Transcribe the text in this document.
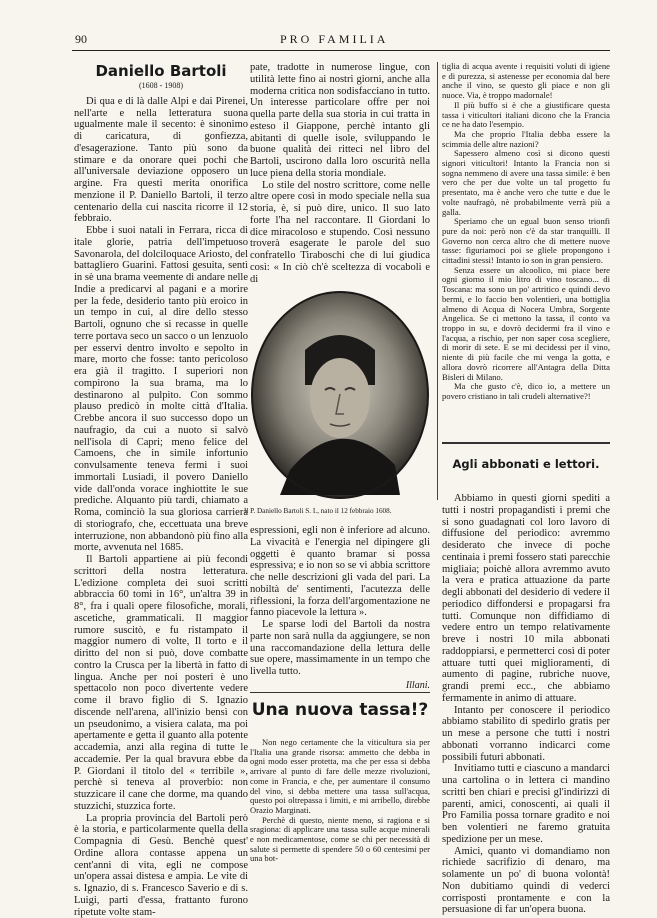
90	PRO FAMILIA
Daniello Bartoli
(1608 - 1908)

Di qua e di là dalle Alpi e dai Pirenei, nell'arte e nella letteratura suona ugualmente male il secento: è sinonimo di caricatura, di gonfiezza, d'esagerazione. Tanto più sono da stimare e da onorare quei pochi che all'universale deviazione opposero un argine. Fra questi merita onorifica menzione il P. Daniello Bartoli, il terzo centenario della cui nascita ricorre il 12 febbraio.

Ebbe i suoi natali in Ferrara, ricca di itale glorie, patria dell'impetuoso Savonarola, del dolciloquace Ariosto, del battagliero Guarini. Fattosi gesuita, sentì in sè una brama veemente di andare nelle Indie a predicarvi al pagani e a morire per la fede, desiderio tanto più eroico in un tempo in cui, al dire dello stesso Bartoli, ognuno che si recasse in quelle terre portava seco un sacco o un lenzuolo per esservi dentro involto e sepolto in mare, morto che fosse: tanto pericoloso era già il tragitto. I superiori non compirono la sua brama, ma lo destinarono al pulpito. Con sommo plauso predicò in molte città d'Italia. Crebbe ancora il suo successo dopo un naufragio, da cui a nuoto si salvò nell'isola di Capri; meno felice del Camoens, che in simile infortunio convulsamente teneva fermi i suoi immortali Lusiadi, il povero Daniello vide dall'onda vorace inghiottite le sue prediche. Alquanto più tardi, chiamato a Roma, cominciò la sua gloriosa carriera di storiografo, che, eccettuata una breve interruzione, non abbandonò più fino alla morte, avvenuta nel 1685.

Il Bartoli appartiene ai più fecondi scrittori della nostra letteratura. L'edizione completa dei suoi scritti abbraccia 60 tomi in 16°, un'altra 39 in 8°, fra i quali opere filosofiche, morali, ascetiche, grammaticali. Il maggior rumore suscitò, e fu ristampato il maggior numero di volte, Il torto e il diritto del non si può, dove combatte contro la Crusca per la libertà in fatto di lingua. Anche per noi posteri è uno spettacolo non poco divertente vedere come il bravo figlio di S. Ignazio discende nell'arena, all'inizio bensì con un pseudonimo, a visiera calata, ma poi apertamente e getta il guanto alla potente accademia, anzi alla regina di tutte le accademie. Per la qual bravura ebbe da P. Giordani il titolo del « terribile », perchè si teneva al proverbio: non stuzzicare il cane che dorme, ma quando stuzzichi, stuzzica forte.

La propria provincia del Bartoli però è la storia, e particolarmente quella della Compagnia di Gesù. Benchè quest' Ordine allora contasse appena un cent'anni di vita, egli ne compose un'opera assai distesa e ampia. Le vite di s. Ignazio, di s. Francesco Saverio e di s. Luigi, parti d'essa, frattanto furono ripetute volte stam-

pate, tradotte in numerose lingue, con utilità lette fino ai nostri giorni, anche alla moderna critica non sodisfacciano in tutto. Un interesse particolare offre per noi quella parte della sua storia in cui tratta in esteso il Giappone, perchè intanto gli abitanti di quelle isole, sviluppando le buone qualità dei ritteci nel libro del Bartoli, uscirono dalla loro oscurità nella luce piena della storia mondiale.

Lo stile del nostro scrittore, come nelle altre opere così in modo speciale nella sua storia, è, si può dire, unico. Il suo lato forte l'ha nel raccontare. Il Giordani lo dice miracoloso e stupendo. Così nessuno troverà esagerate le parole del suo confratello Tiraboschi che di lui giudica così: « In ciò ch'è sceltezza di vocaboli e di

Il P. Daniello Bartoli S. I., nato il 12 febbraio 1608.

espressioni, egli non è inferiore ad alcuno. La vivacità e l'energia nel dipingere gli oggetti è quanto bramar si possa espressiva; e io non so se vi abbia scrittore che nelle descrizioni gli vada del pari. La nobiltà de' sentimenti, l'acutezza delle riflessioni, la forza dell'argomentazione ne fanno piacevole la lettura ».

Le sparse lodi del Bartoli da nostra parte non sarà nulla da aggiungere, se non una raccomandazione della lettura delle sue opere, massimamente in un tempo che livella tutto.

Illani.
Una nuova tassa!?

Non nego certamente che la viticultura sia per l'Italia una grande risorsa: ammetto che debba in ogni modo esser protetta, ma che per essa si debba arrivare al punto di fare delle mezze rivoluzioni, come in Francia, e che, per aumentare il consumo del vino, si debba mettere una tassa sull'acqua, questo poi oltrepassa i limiti, e mi arribello, direbbe Orazio Marginati.

Perchè di questo, niente meno, si ragiona e si sragiona: di applicare una tassa sulle acque minerali e non medicamentose, come se chi per necessità di salute si permette di spendere 50 o 60 centesimi per una bot-

tiglia di acqua avente i requisiti voluti di igiene e di purezza, si astenesse per economia dal bere anche il vino, se questo gli piace e non gli nuoce. Via, è troppo madornale!

Il più buffo si è che a giustificare questa tassa i viticultori italiani dicono che la Francia ce ne ha dato l'esempio.

Ma che proprio l'Italia debba essere la scimmia delle altre nazioni?

Sapessero almeno così si dicono questi signori viticultori! Intanto la Francia non si sogna nemmeno di avere una tassa simile: è ben vero che per due volte un tal progetto fu presentato, ma è anche vero che tutte e due le volte naufragò, nè probabilmente verrà più a galla.

Speriamo che un egual buon senso trionfi pure da noi: però non c'è da star tranquilli. Il Governo non cerca altro che di mettere nuove tasse: figuriamoci poi se gliele propongono i cittadini stessi! Intanto io son in gran pensiero.

Senza essere un alcoolico, mi piace bere ogni giorno il mio litro di vino toscano... di Toscana: ma sono un po' artritico e quindi devo bermi, e lo faccio ben volentieri, una bottiglia almeno di Acqua di Nocera Umbra, Sorgente Angelica. Se ci mettono la tassa, il conto va troppo in su, e dovrò decidermi fra il vino e l'acqua, a rischio, per non saper cosa scegliere, di morir di sete. E se mi decidessi per il vino, niente di più facile che mi venga la gotta, e allora dovrò ricorrere all'Antagra della Ditta Bisleri di Milano.

Ma che gusto c'è, dico io, a mettere un povero cristiano in tali crudeli alternative?!

Agli abbonati e lettori.

Abbiamo in questi giorni spediti a tutti i nostri propagandisti i premi che si sono guadagnati col loro lavoro di diffusione del periodico: avremmo desiderato che invece di poche centinaia i premi fossero stati parecchie migliaia; poichè allora avremmo avuto la vera e pratica attuazione da parte degli abbonati del desiderio di vedere il periodico diffondersi e propagarsi fra tutti. Comunque non diffidiamo di vedere entro un tempo relativamente breve i nostri 10 mila abbonati raddoppiarsi, e permetterci così di poter attuare tutti quei miglioramenti, di aumento di pagine, rubriche nuove, grandi premi ecc., che abbiamo fermamente in animo di attuare.

Intanto per conoscere il periodico abbiamo stabilito di spedirlo gratis per un mese a persone che tutti i nostri abbonati vorranno indicarci come possibili futuri abbonati.

Invitiamo tutti e ciascuno a mandarci una cartolina o in lettera ci mandino scritti ben chiari e precisi gl'indirizzi di parenti, amici, conoscenti, ai quali il Pro Familia possa tornare gradito e noi ben volentieri ne faremo gratuita spedizione per un mese.

Amici, quanto vi domandiamo non richiede sacrifizio di denaro, ma solamente un po' di buona volontà! Non dubitiamo quindi di vederci corrisposti prontamente e con la persuasione di far un'opera buona.
